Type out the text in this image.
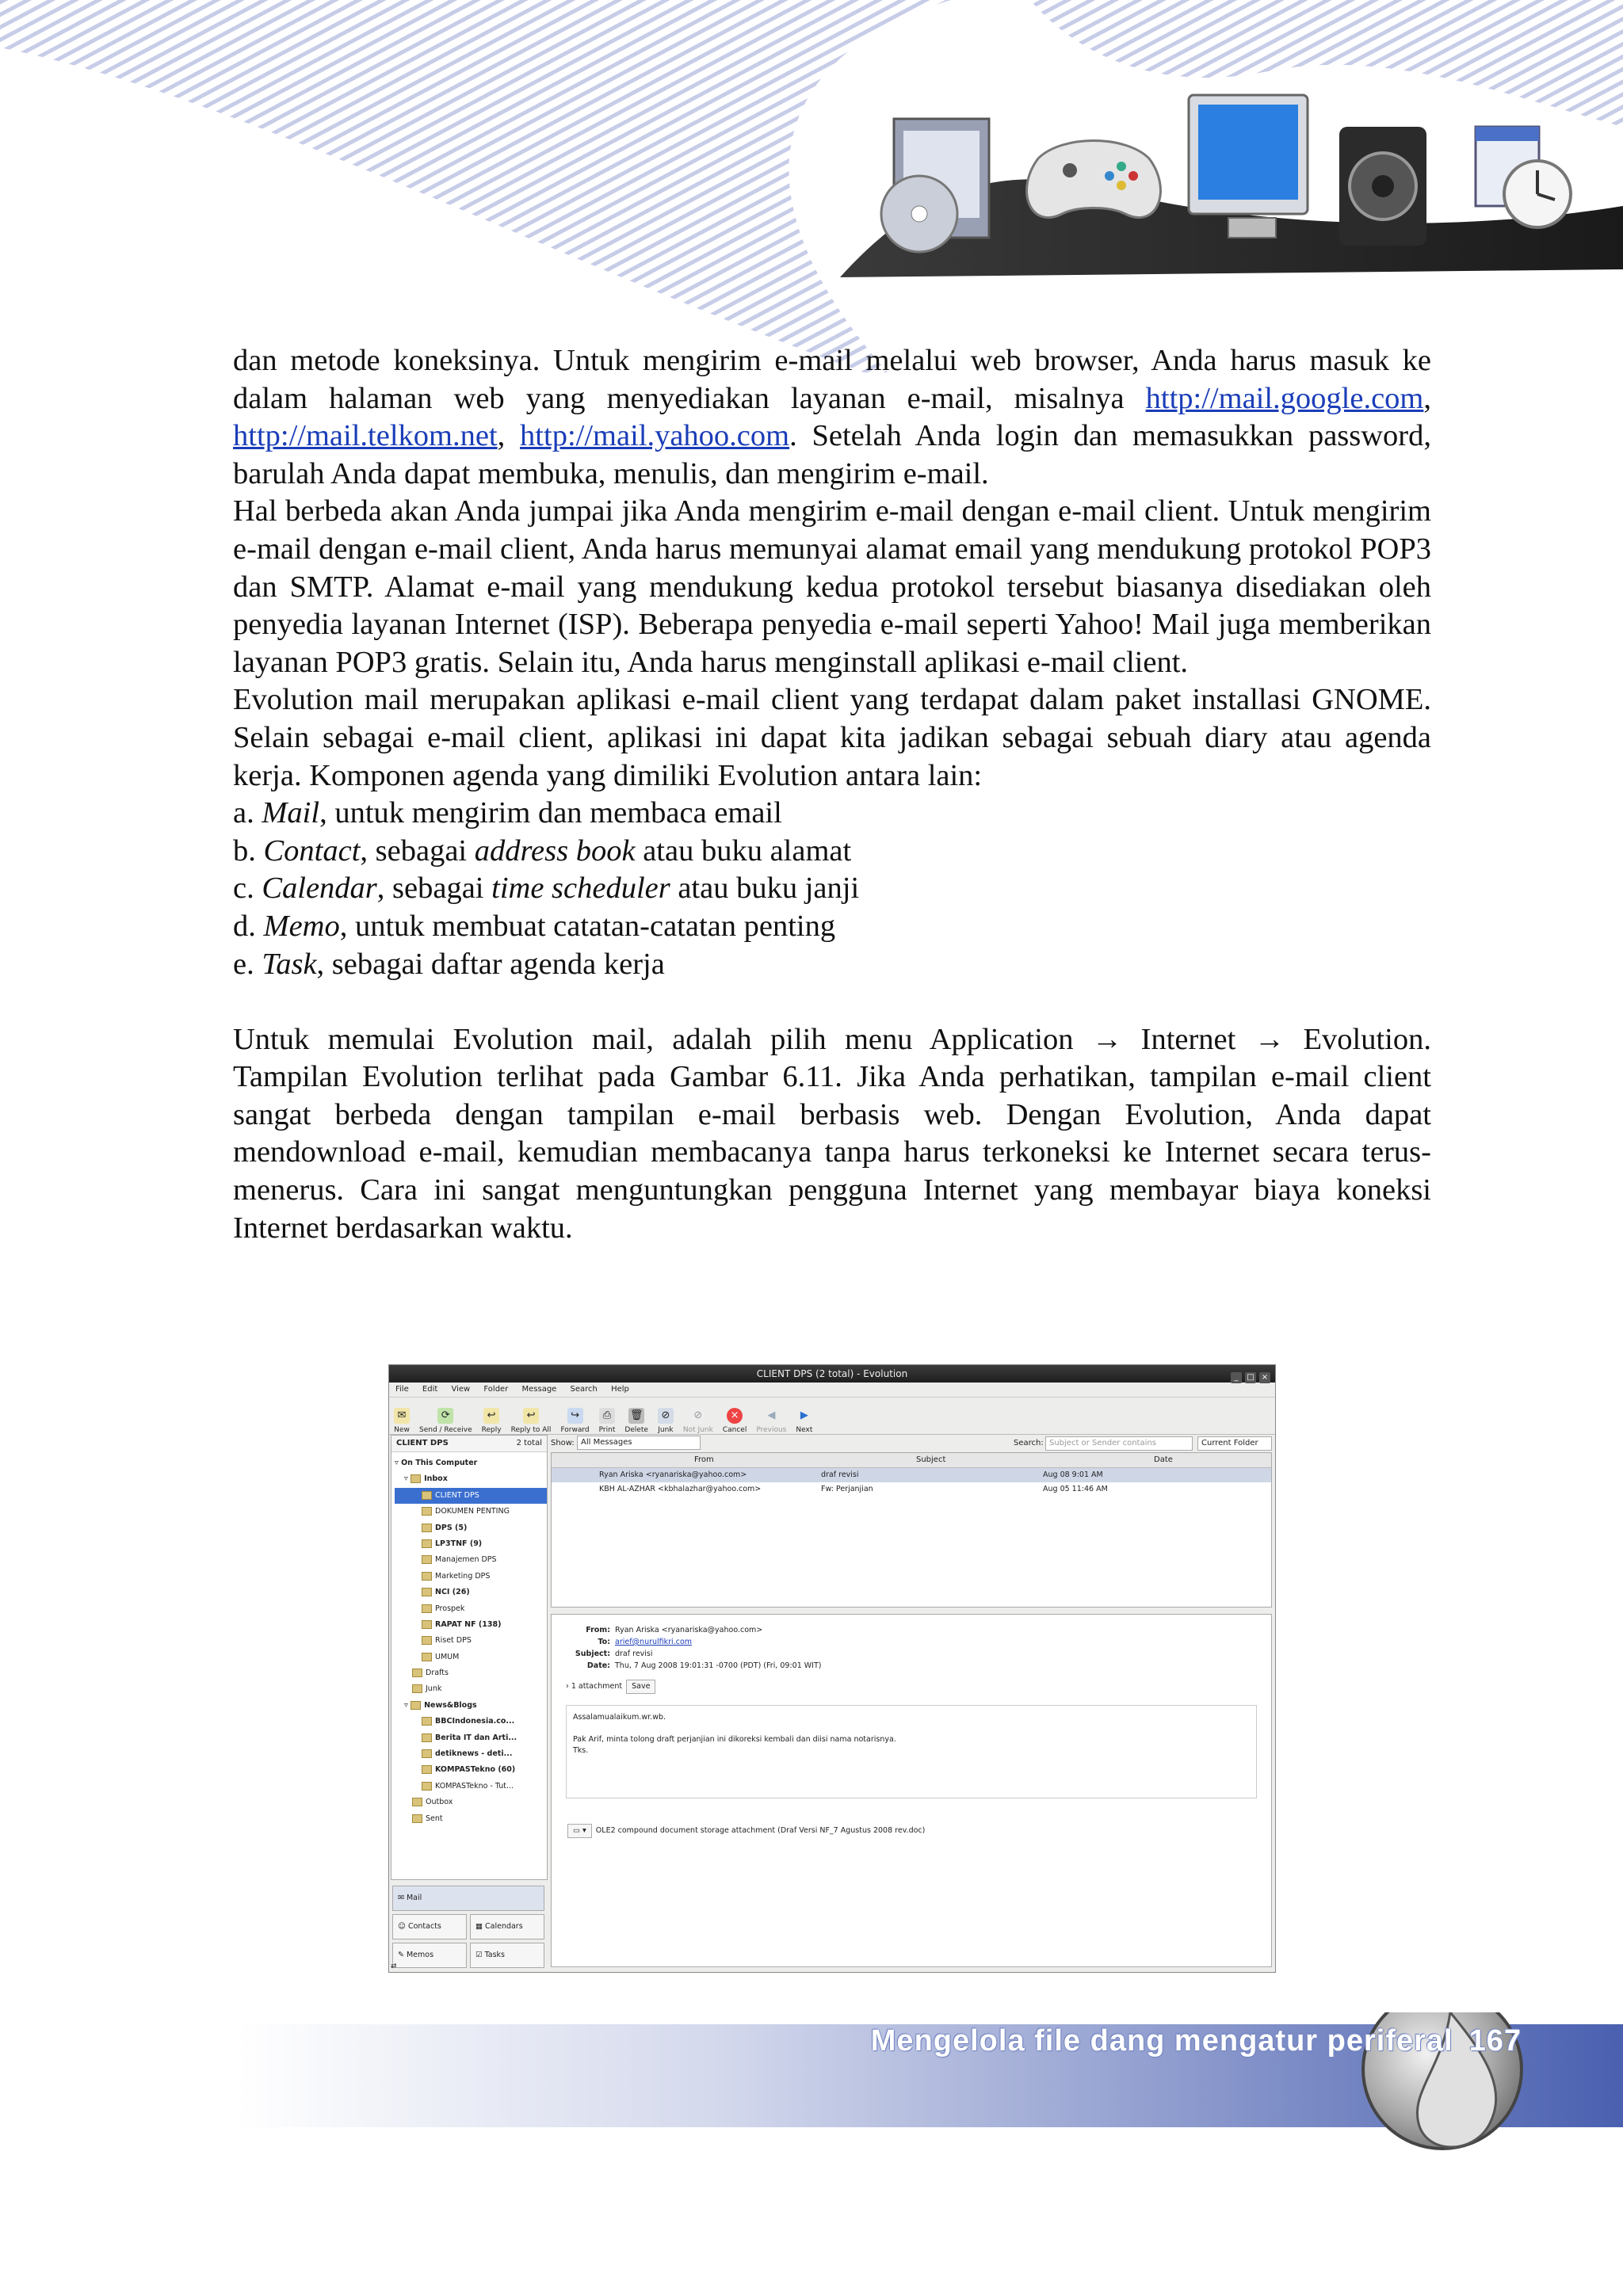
dan metode koneksinya. Untuk mengirim e-mail melalui web browser, Anda harus masuk ke dalam halaman web yang menyediakan layanan e-mail, misalnya http://mail.google.com, http://mail.telkom.net, http://mail.yahoo.com. Setelah Anda login dan memasukkan password, barulah Anda dapat membuka, menulis, dan mengirim e-mail.

Hal berbeda akan Anda jumpai jika Anda mengirim e-mail dengan e-mail client. Untuk mengirim e-mail dengan e-mail client, Anda harus memunyai alamat email yang mendukung protokol POP3 dan SMTP. Alamat e-mail yang mendukung kedua protokol tersebut biasanya disediakan oleh penyedia layanan Internet (ISP). Beberapa penyedia e-mail seperti Yahoo! Mail juga memberikan layanan POP3 gratis. Selain itu, Anda harus menginstall aplikasi e-mail client.

Evolution mail merupakan aplikasi e-mail client yang terdapat dalam paket installasi GNOME. Selain sebagai e-mail client, aplikasi ini dapat kita jadikan sebagai sebuah diary atau agenda kerja. Komponen agenda yang dimiliki Evolution antara lain:

a. Mail, untuk mengirim dan membaca email

b. Contact, sebagai address book atau buku alamat

c. Calendar, sebagai time scheduler atau buku janji

d. Memo, untuk membuat catatan-catatan penting

e. Task, sebagai daftar agenda kerja

Untuk memulai Evolution mail, adalah pilih menu Application → Internet → Evolution. Tampilan Evolution terlihat pada Gambar 6.11. Jika Anda perhatikan, tampilan e-mail client sangat berbeda dengan tampilan e-mail berbasis web. Dengan Evolution, Anda dapat mendownload e-mail, kemudian membacanya tanpa harus terkoneksi ke Internet secara terus-menerus. Cara ini sangat menguntungkan pengguna Internet yang membayar biaya koneksi Internet berdasarkan waktu.

CLIENT DPS (2 total) - Evolution	_ □ ×
File Edit View Folder Message Search Help
✉
New
⟳
Send / Receive
↩
Reply
↩
Reply to All
↪
Forward
⎙
Print
🗑
Delete
⊘
Junk
⊘
Not Junk
×
Cancel
◀
Previous
▶
Next
CLIENT DPS	2 total
▿ On This Computer
▿ Inbox
CLIENT DPS
DOKUMEN PENTING
DPS (5)
LP3TNF (9)
Manajemen DPS
Marketing DPS
NCI (26)
Prospek
RAPAT NF (138)
Riset DPS
UMUM
Drafts
Junk
▿ News&Blogs
BBCIndonesia.co...
Berita IT dan Arti...
detiknews - deti...
KOMPASTekno (60)
KOMPASTekno - Tut...
Outbox
Sent
✉ Mail ☺ Contacts	▦ Calendars ✎ Memos	☑ Tasks
Show: All Messages	Search: Subject or Sender contains	Current Folder
From	Subject	Date
Ryan Ariska <ryanariska@yahoo.com>	draf revisi	Aug 08 9:01 AM
KBH AL-AZHAR <kbhalazhar@yahoo.com>	Fw: Perjanjian	Aug 05 11:46 AM
From: Ryan Ariska <ryanariska@yahoo.com>
To: arief@nurulfikri.com
Subject: draf revisi
Date: Thu, 7 Aug 2008 19:01:31 -0700 (PDT) (Fri, 09:01 WIT)
› 1 attachment Save
Assalamualaikum.wr.wb.

Pak Arif, minta tolong draft perjanjian ini dikoreksi kembali dan diisi nama notarisnya.
Tks.
▭ ▾ OLE2 compound document storage attachment (Draf Versi NF_7 Agustus 2008 rev.doc)
⇄
Mengelola file dang mengatur periferal 167
